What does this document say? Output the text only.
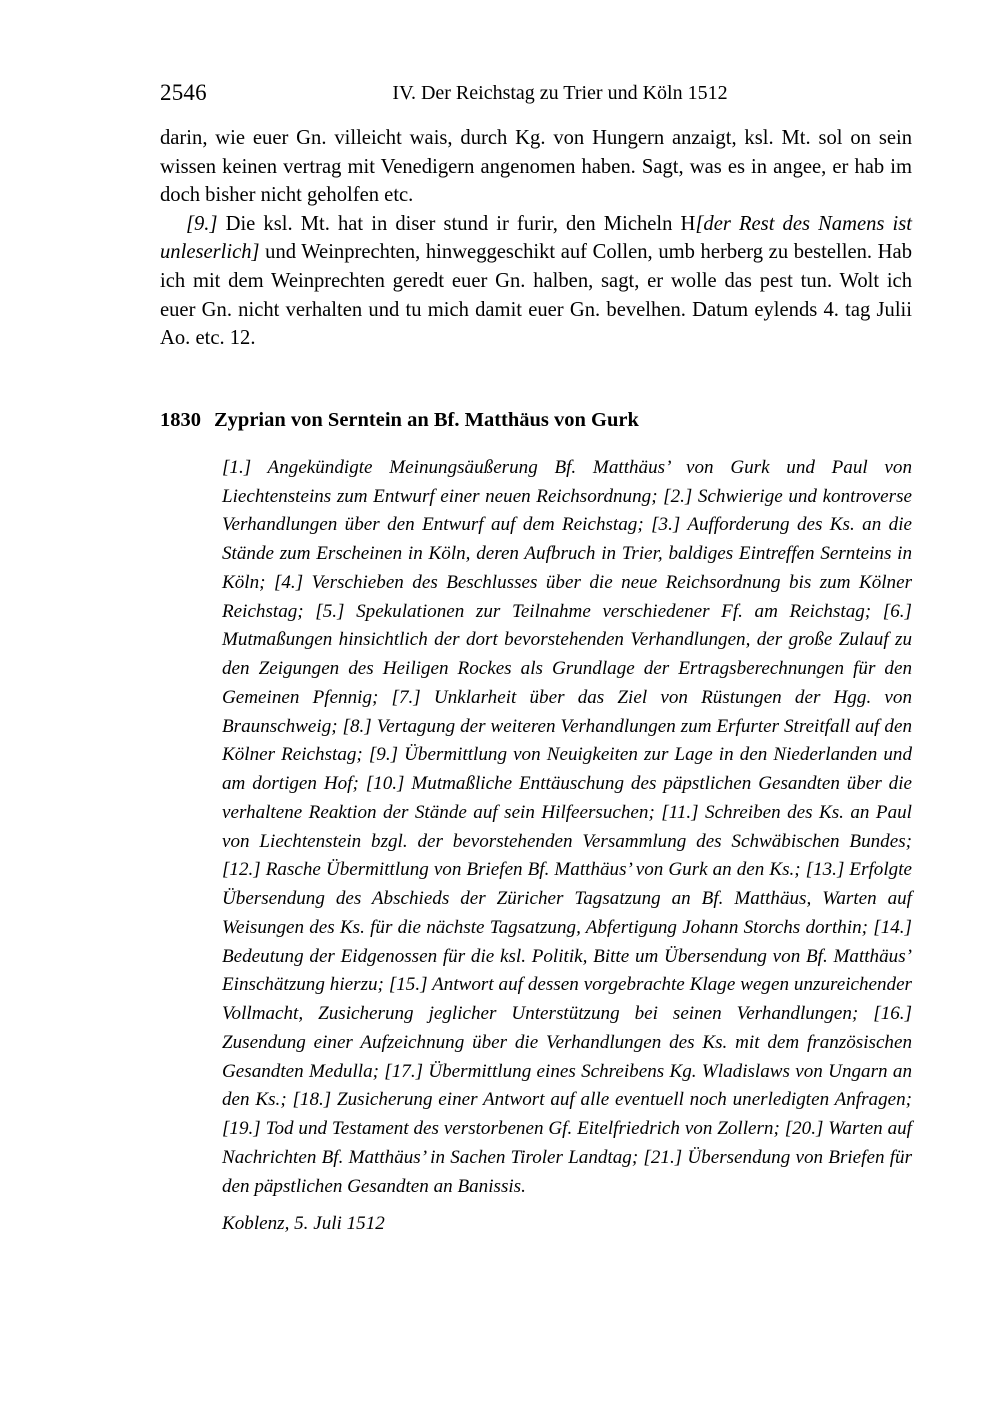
2546	IV. Der Reichstag zu Trier und Köln 1512

darin, wie euer Gn. villeicht wais, durch Kg. von Hungern anzaigt, ksl. Mt. sol on sein wissen keinen vertrag mit Venedigern angenomen haben. Sagt, was es in angee, er hab im doch bisher nicht geholfen etc.

[9.] Die ksl. Mt. hat in diser stund ir furir, den Micheln H[der Rest des Namens ist unleserlich] und Weinprechten, hinweggeschikt auf Collen, umb herberg zu bestellen. Hab ich mit dem Weinprechten geredt euer Gn. halben, sagt, er wolle das pest tun. Wolt ich euer Gn. nicht verhalten und tu mich damit euer Gn. bevelhen. Datum eylends 4. tag Julii Ao. etc. 12.

1830 Zyprian von Serntein an Bf. Matthäus von Gurk

[1.] Angekündigte Meinungsäußerung Bf. Matthäus’ von Gurk und Paul von Liechtensteins zum Entwurf einer neuen Reichsordnung; [2.] Schwierige und kontroverse Verhandlungen über den Entwurf auf dem Reichstag; [3.] Aufforderung des Ks. an die Stände zum Erscheinen in Köln, deren Aufbruch in Trier, baldiges Eintreffen Sernteins in Köln; [4.] Verschieben des Beschlusses über die neue Reichsordnung bis zum Kölner Reichstag; [5.] Spekulationen zur Teilnahme verschiedener Ff. am Reichstag; [6.] Mutmaßungen hinsichtlich der dort bevorstehenden Verhandlungen, der große Zulauf zu den Zeigungen des Heiligen Rockes als Grundlage der Ertragsberechnungen für den Gemeinen Pfennig; [7.] Unklarheit über das Ziel von Rüstungen der Hgg. von Braunschweig; [8.] Vertagung der weiteren Verhandlungen zum Erfurter Streitfall auf den Kölner Reichstag; [9.] Übermittlung von Neuigkeiten zur Lage in den Niederlanden und am dortigen Hof; [10.] Mutmaßliche Enttäuschung des päpstlichen Gesandten über die verhaltene Reaktion der Stände auf sein Hilfeersuchen; [11.] Schreiben des Ks. an Paul von Liechtenstein bzgl. der bevorstehenden Versammlung des Schwäbischen Bundes; [12.] Rasche Übermittlung von Briefen Bf. Matthäus’ von Gurk an den Ks.; [13.] Erfolgte Übersendung des Abschieds der Züricher Tagsatzung an Bf. Matthäus, Warten auf Weisungen des Ks. für die nächste Tagsatzung, Abfertigung Johann Storchs dorthin; [14.] Bedeutung der Eidgenossen für die ksl. Politik, Bitte um Übersendung von Bf. Matthäus’ Einschätzung hierzu; [15.] Antwort auf dessen vorgebrachte Klage wegen unzureichender Vollmacht, Zusicherung jeglicher Unterstützung bei seinen Verhandlungen; [16.] Zusendung einer Aufzeichnung über die Verhandlungen des Ks. mit dem französischen Gesandten Medulla; [17.] Übermittlung eines Schreibens Kg. Wladislaws von Ungarn an den Ks.; [18.] Zusicherung einer Antwort auf alle eventuell noch unerledigten Anfragen; [19.] Tod und Testament des verstorbenen Gf. Eitelfriedrich von Zollern; [20.] Warten auf Nachrichten Bf. Matthäus’ in Sachen Tiroler Landtag; [21.] Übersendung von Briefen für den päpstlichen Gesandten an Banissis.

Koblenz, 5. Juli 1512
